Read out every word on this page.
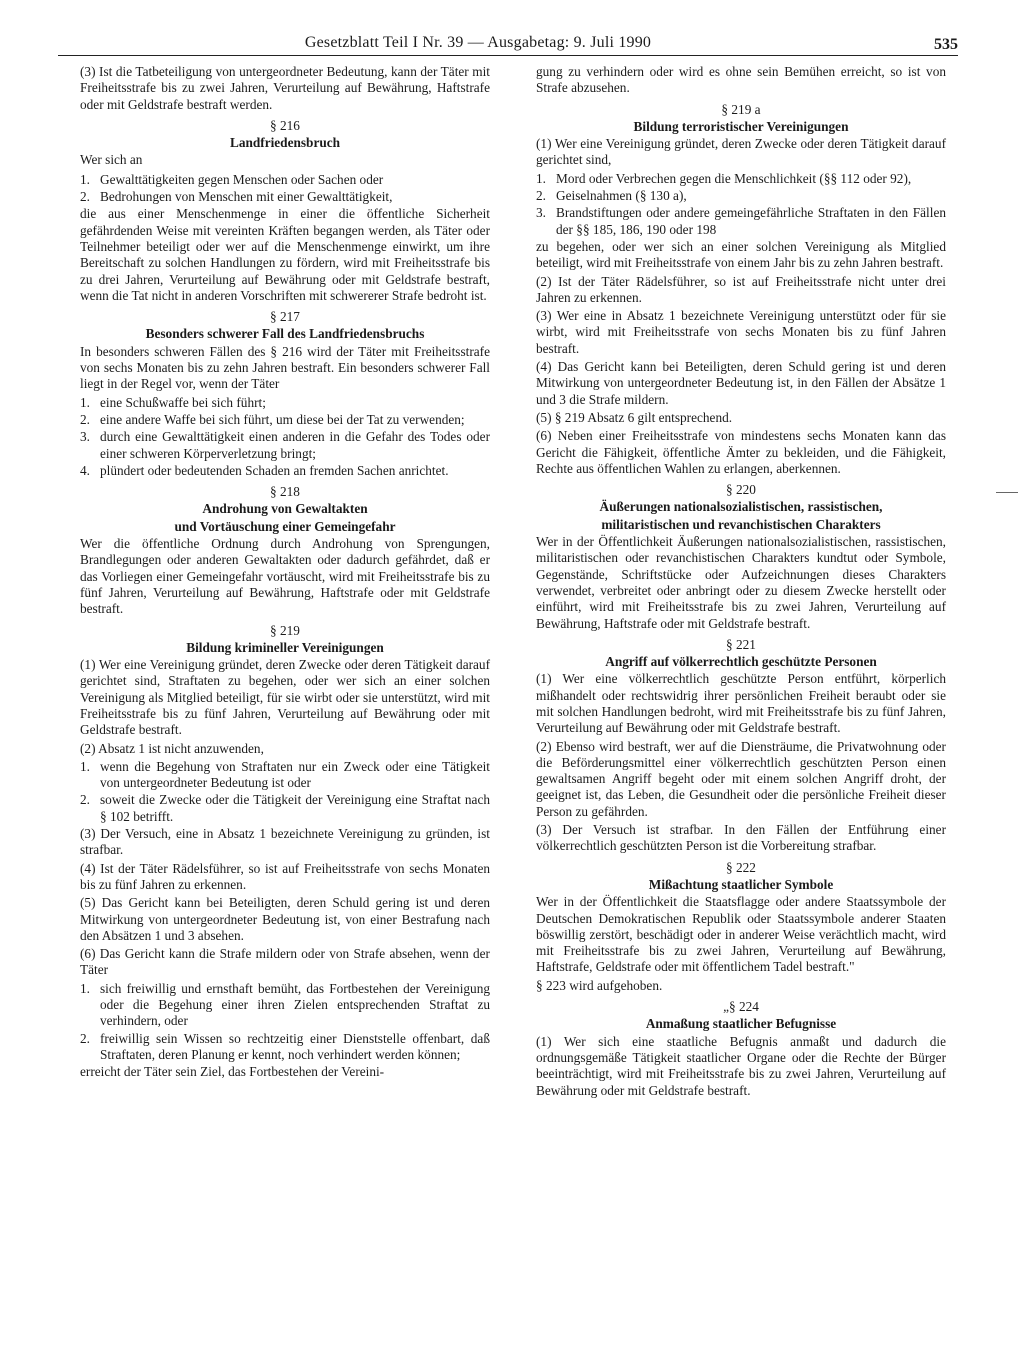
Gesetzblatt Teil I Nr. 39 — Ausgabetag: 9. Juli 1990	535

(3) Ist die Tatbeteiligung von untergeordneter Bedeutung, kann der Täter mit Freiheitsstrafe bis zu zwei Jahren, Verurteilung auf Bewährung, Haftstrafe oder mit Geldstrafe bestraft werden.

§ 216
Landfriedensbruch

Wer sich an

1. Gewalttätigkeiten gegen Menschen oder Sachen oder
2. Bedrohungen von Menschen mit einer Gewalttätigkeit,

die aus einer Menschenmenge in einer die öffentliche Sicherheit gefährdenden Weise mit vereinten Kräften begangen werden, als Täter oder Teilnehmer beteiligt oder wer auf die Menschenmenge einwirkt, um ihre Bereitschaft zu solchen Handlungen zu fördern, wird mit Freiheitsstrafe bis zu drei Jahren, Verurteilung auf Bewährung oder mit Geldstrafe bestraft, wenn die Tat nicht in anderen Vorschriften mit schwererer Strafe bedroht ist.

§ 217
Besonders schwerer Fall des Landfriedensbruchs

In besonders schweren Fällen des § 216 wird der Täter mit Freiheitsstrafe von sechs Monaten bis zu zehn Jahren bestraft. Ein besonders schwerer Fall liegt in der Regel vor, wenn der Täter

1. eine Schußwaffe bei sich führt;
2. eine andere Waffe bei sich führt, um diese bei der Tat zu verwenden;
3. durch eine Gewalttätigkeit einen anderen in die Gefahr des Todes oder einer schweren Körperverletzung bringt;
4. plündert oder bedeutenden Schaden an fremden Sachen anrichtet.
§ 218
Androhung von Gewaltakten
und Vortäuschung einer Gemeingefahr

Wer die öffentliche Ordnung durch Androhung von Sprengungen, Brandlegungen oder anderen Gewaltakten oder dadurch gefährdet, daß er das Vorliegen einer Gemeingefahr vortäuscht, wird mit Freiheitsstrafe bis zu fünf Jahren, Verurteilung auf Bewährung, Haftstrafe oder mit Geldstrafe bestraft.

§ 219
Bildung krimineller Vereinigungen

(1) Wer eine Vereinigung gründet, deren Zwecke oder deren Tätigkeit darauf gerichtet sind, Straftaten zu begehen, oder wer sich an einer solchen Vereinigung als Mitglied beteiligt, für sie wirbt oder sie unterstützt, wird mit Freiheitsstrafe bis zu fünf Jahren, Verurteilung auf Bewährung oder mit Geldstrafe bestraft.

(2) Absatz 1 ist nicht anzuwenden,

1. wenn die Begehung von Straftaten nur ein Zweck oder eine Tätigkeit von untergeordneter Bedeutung ist oder
2. soweit die Zwecke oder die Tätigkeit der Vereinigung eine Straftat nach § 102 betrifft.

(3) Der Versuch, eine in Absatz 1 bezeichnete Vereinigung zu gründen, ist strafbar.

(4) Ist der Täter Rädelsführer, so ist auf Freiheitsstrafe von sechs Monaten bis zu fünf Jahren zu erkennen.

(5) Das Gericht kann bei Beteiligten, deren Schuld gering ist und deren Mitwirkung von untergeordneter Bedeutung ist, von einer Bestrafung nach den Absätzen 1 und 3 absehen.

(6) Das Gericht kann die Strafe mildern oder von Strafe absehen, wenn der Täter

1. sich freiwillig und ernsthaft bemüht, das Fortbestehen der Vereinigung oder die Begehung einer ihren Zielen entsprechenden Straftat zu verhindern, oder
2. freiwillig sein Wissen so rechtzeitig einer Dienststelle offenbart, daß Straftaten, deren Planung er kennt, noch verhindert werden können;

erreicht der Täter sein Ziel, das Fortbestehen der Vereini-

gung zu verhindern oder wird es ohne sein Bemühen erreicht, so ist von Strafe abzusehen.

§ 219 a
Bildung terroristischer Vereinigungen

(1) Wer eine Vereinigung gründet, deren Zwecke oder deren Tätigkeit darauf gerichtet sind,

1. Mord oder Verbrechen gegen die Menschlichkeit (§§ 112 oder 92),
2. Geiselnahmen (§ 130 a),
3. Brandstiftungen oder andere gemeingefährliche Straftaten in den Fällen der §§ 185, 186, 190 oder 198

zu begehen, oder wer sich an einer solchen Vereinigung als Mitglied beteiligt, wird mit Freiheitsstrafe von einem Jahr bis zu zehn Jahren bestraft.

(2) Ist der Täter Rädelsführer, so ist auf Freiheitsstrafe nicht unter drei Jahren zu erkennen.

(3) Wer eine in Absatz 1 bezeichnete Vereinigung unterstützt oder für sie wirbt, wird mit Freiheitsstrafe von sechs Monaten bis zu fünf Jahren bestraft.

(4) Das Gericht kann bei Beteiligten, deren Schuld gering ist und deren Mitwirkung von untergeordneter Bedeutung ist, in den Fällen der Absätze 1 und 3 die Strafe mildern.

(5) § 219 Absatz 6 gilt entsprechend.

(6) Neben einer Freiheitsstrafe von mindestens sechs Monaten kann das Gericht die Fähigkeit, öffentliche Ämter zu bekleiden, und die Fähigkeit, Rechte aus öffentlichen Wahlen zu erlangen, aberkennen.

§ 220
Äußerungen nationalsozialistischen, rassistischen,
militaristischen und revanchistischen Charakters

Wer in der Öffentlichkeit Äußerungen nationalsozialistischen, rassistischen, militaristischen oder revanchistischen Charakters kundtut oder Symbole, Gegenstände, Schriftstücke oder Aufzeichnungen dieses Charakters verwendet, verbreitet oder anbringt oder zu diesem Zwecke herstellt oder einführt, wird mit Freiheitsstrafe bis zu zwei Jahren, Verurteilung auf Bewährung, Haftstrafe oder mit Geldstrafe bestraft.

§ 221
Angriff auf völkerrechtlich geschützte Personen

(1) Wer eine völkerrechtlich geschützte Person entführt, körperlich mißhandelt oder rechtswidrig ihrer persönlichen Freiheit beraubt oder sie mit solchen Handlungen bedroht, wird mit Freiheitsstrafe bis zu fünf Jahren, Verurteilung auf Bewährung oder mit Geldstrafe bestraft.

(2) Ebenso wird bestraft, wer auf die Diensträume, die Privatwohnung oder die Beförderungsmittel einer völkerrechtlich geschützten Person einen gewaltsamen Angriff begeht oder mit einem solchen Angriff droht, der geeignet ist, das Leben, die Gesundheit oder die persönliche Freiheit dieser Person zu gefährden.

(3) Der Versuch ist strafbar. In den Fällen der Entführung einer völkerrechtlich geschützten Person ist die Vorbereitung strafbar.

§ 222
Mißachtung staatlicher Symbole

Wer in der Öffentlichkeit die Staatsflagge oder andere Staatssymbole der Deutschen Demokratischen Republik oder Staatssymbole anderer Staaten böswillig zerstört, beschädigt oder in anderer Weise verächtlich macht, wird mit Freiheitsstrafe bis zu zwei Jahren, Verurteilung auf Bewährung, Haftstrafe, Geldstrafe oder mit öffentlichem Tadel bestraft."

§ 223 wird aufgehoben.

„§ 224
Anmaßung staatlicher Befugnisse

(1) Wer sich eine staatliche Befugnis anmaßt und dadurch die ordnungsgemäße Tätigkeit staatlicher Organe oder die Rechte der Bürger beeinträchtigt, wird mit Freiheitsstrafe bis zu zwei Jahren, Verurteilung auf Bewährung oder mit Geldstrafe bestraft.
